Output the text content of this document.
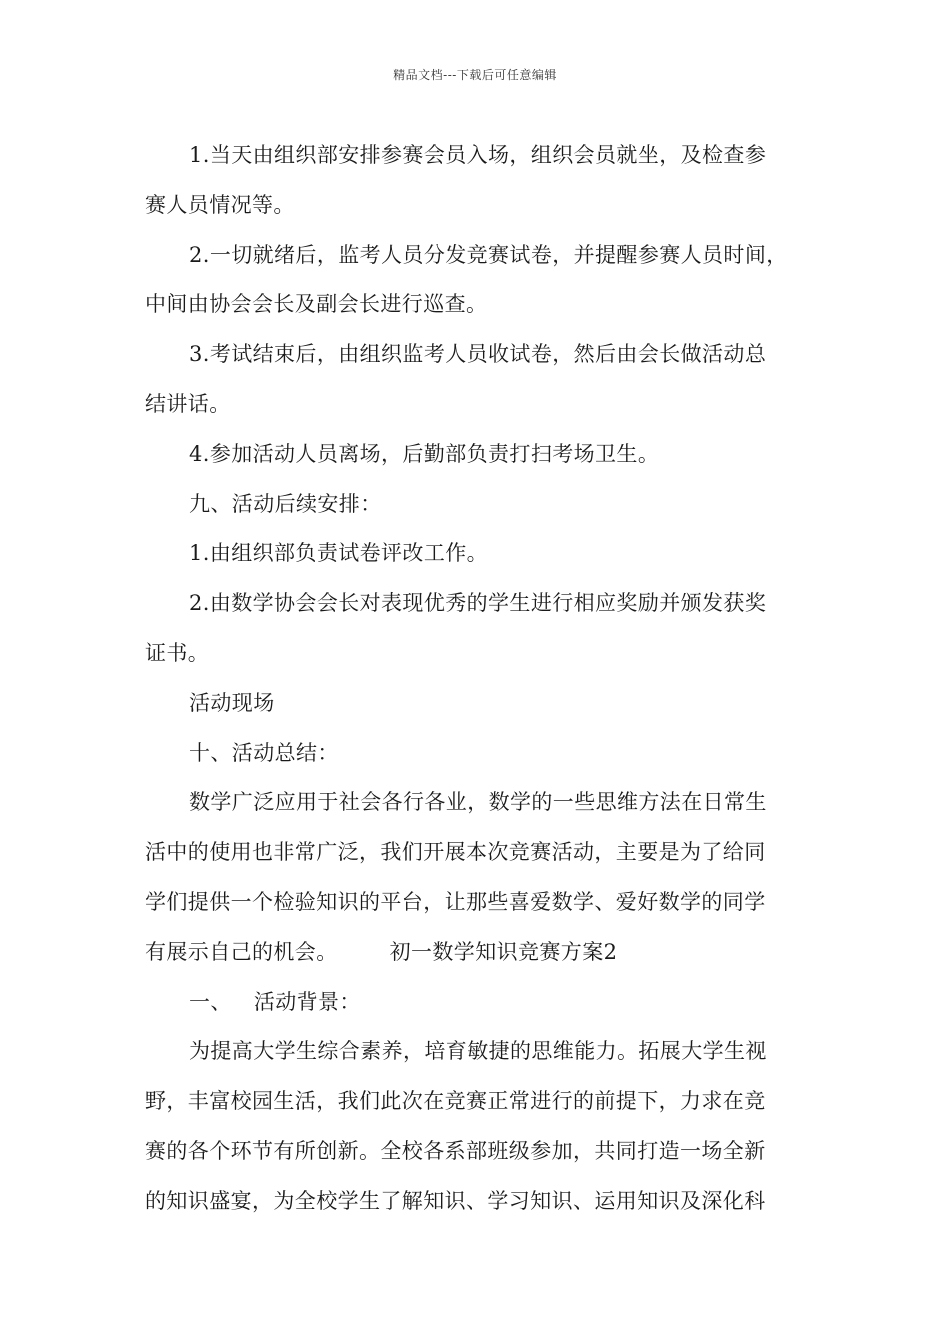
精品文档---下载后可任意编辑

1.当天由组织部安排参赛会员入场，组织会员就坐，及检查参

赛人员情况等。

2.一切就绪后，监考人员分发竞赛试卷，并提醒参赛人员时间，

中间由协会会长及副会长进行巡查。

3.考试结束后，由组织监考人员收试卷，然后由会长做活动总

结讲话。

4.参加活动人员离场，后勤部负责打扫考场卫生。

九、活动后续安排：

1.由组织部负责试卷评改工作。

2.由数学协会会长对表现优秀的学生进行相应奖励并颁发获奖

证书。

活动现场

十、活动总结：

数学广泛应用于社会各行各业，数学的一些思维方法在日常生

活中的使用也非常广泛，我们开展本次竞赛活动，主要是为了给同

学们提供一个检验知识的平台，让那些喜爱数学、爱好数学的同学

有展示自己的机会。 初一数学知识竞赛方案2

一、 活动背景：

为提高大学生综合素养，培育敏捷的思维能力。拓展大学生视

野，丰富校园生活，我们此次在竞赛正常进行的前提下，力求在竞

赛的各个环节有所创新。全校各系部班级参加，共同打造一场全新

的知识盛宴，为全校学生了解知识、学习知识、运用知识及深化科
